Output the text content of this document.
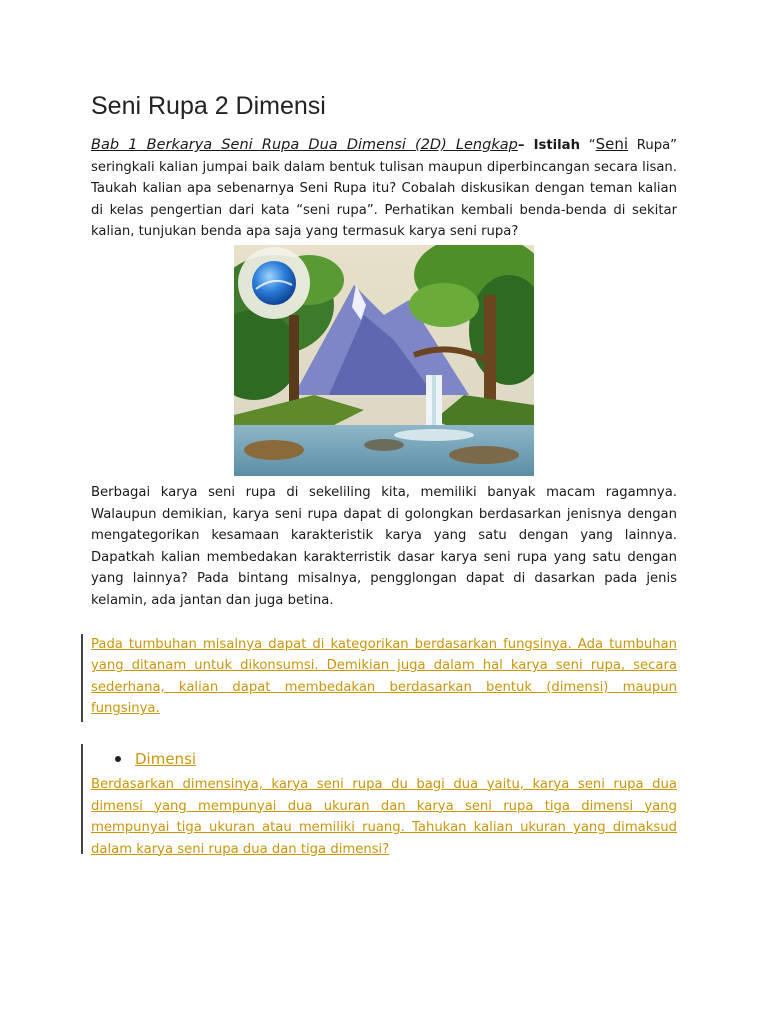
Seni Rupa 2 Dimensi

Bab 1 Berkarya Seni Rupa Dua Dimensi (2D) Lengkap– Istilah “Seni Rupa” seringkali kalian jumpai baik dalam bentuk tulisan maupun diperbincangan secara lisan. Taukah kalian apa sebenarnya Seni Rupa itu? Cobalah diskusikan dengan teman kalian di kelas pengertian dari kata “seni rupa”. Perhatikan kembali benda-benda di sekitar kalian, tunjukan benda apa saja yang termasuk karya seni rupa?

Berbagai karya seni rupa di sekeliling kita, memiliki banyak macam ragamnya. Walaupun demikian, karya seni rupa dapat di golongkan berdasarkan jenisnya dengan mengategorikan kesamaan karakteristik karya yang satu dengan yang lainnya. Dapatkah kalian membedakan karakterristik dasar karya seni rupa yang satu dengan yang lainnya? Pada bintang misalnya, pengglongan dapat di dasarkan pada jenis kelamin, ada jantan dan juga betina.

Pada tumbuhan misalnya dapat di kategorikan berdasarkan fungsinya. Ada tumbuhan yang ditanam untuk dikonsumsi. Demikian juga dalam hal karya seni rupa, secara sederhana, kalian dapat membedakan berdasarkan bentuk (dimensi) maupun fungsinya.

Dimensi

Berdasarkan dimensinya, karya seni rupa du bagi dua yaitu, karya seni rupa dua dimensi yang mempunyai dua ukuran dan karya seni rupa tiga dimensi yang mempunyai tiga ukuran atau memiliki ruang. Tahukan kalian ukuran yang dimaksud dalam karya seni rupa dua dan tiga dimensi?
